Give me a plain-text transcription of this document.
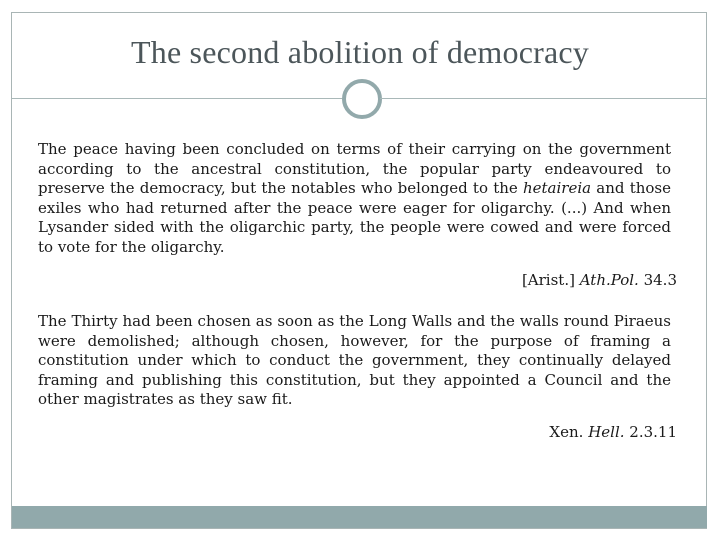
The second abolition of democracy
The peace having been concluded on terms of their carrying on the government according to the ancestral constitution, the popular party endeavoured to preserve the democracy, but the notables who belonged to the hetaireia and those exiles who had returned after the peace were eager for oligarchy. (...) And when Lysander sided with the oligarchic party, the people were cowed and were forced to vote for the oligarchy.
[Arist.] Ath.Pol. 34.3
The Thirty had been chosen as soon as the Long Walls and the walls round Piraeus were demolished; although chosen, however, for the purpose of framing a constitution under which to conduct the government, they continually delayed framing and publishing this constitution, but they appointed a Council and the other magistrates as they saw fit.
Xen. Hell. 2.3.11
